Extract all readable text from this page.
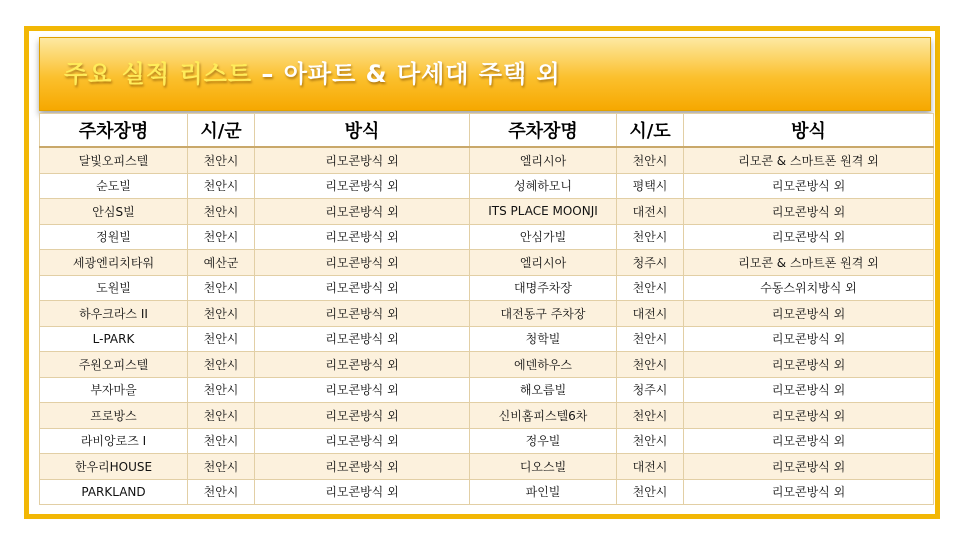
주요 실적 리스트 – 아파트 & 다세대 주택 외
주차장명	시/군	방식	주차장명	시/도	방식
달빛오피스텔	천안시	리모콘방식 외	엘리시아	천안시	리모콘 & 스마트폰 원격 외
순도빌	천안시	리모콘방식 외	성혜하모니	평택시	리모콘방식 외
안심S빌	천안시	리모콘방식 외	ITS PLACE MOONJI	대전시	리모콘방식 외
정원빌	천안시	리모콘방식 외	안심가빌	천안시	리모콘방식 외
세광엔리치타워	예산군	리모콘방식 외	엘리시아	청주시	리모콘 & 스마트폰 원격 외
도원빌	천안시	리모콘방식 외	대명주차장	천안시	수동스위치방식 외
하우크라스 II	천안시	리모콘방식 외	대전동구 주차장	대전시	리모콘방식 외
L-PARK	천안시	리모콘방식 외	청학빌	천안시	리모콘방식 외
주원오피스텔	천안시	리모콘방식 외	에덴하우스	천안시	리모콘방식 외
부자마을	천안시	리모콘방식 외	해오름빌	청주시	리모콘방식 외
프로방스	천안시	리모콘방식 외	신비홈피스텔6차	천안시	리모콘방식 외
라비앙로즈 I	천안시	리모콘방식 외	정우빌	천안시	리모콘방식 외
한우리HOUSE	천안시	리모콘방식 외	디오스빌	대전시	리모콘방식 외
PARKLAND	천안시	리모콘방식 외	파인빌	천안시	리모콘방식 외
